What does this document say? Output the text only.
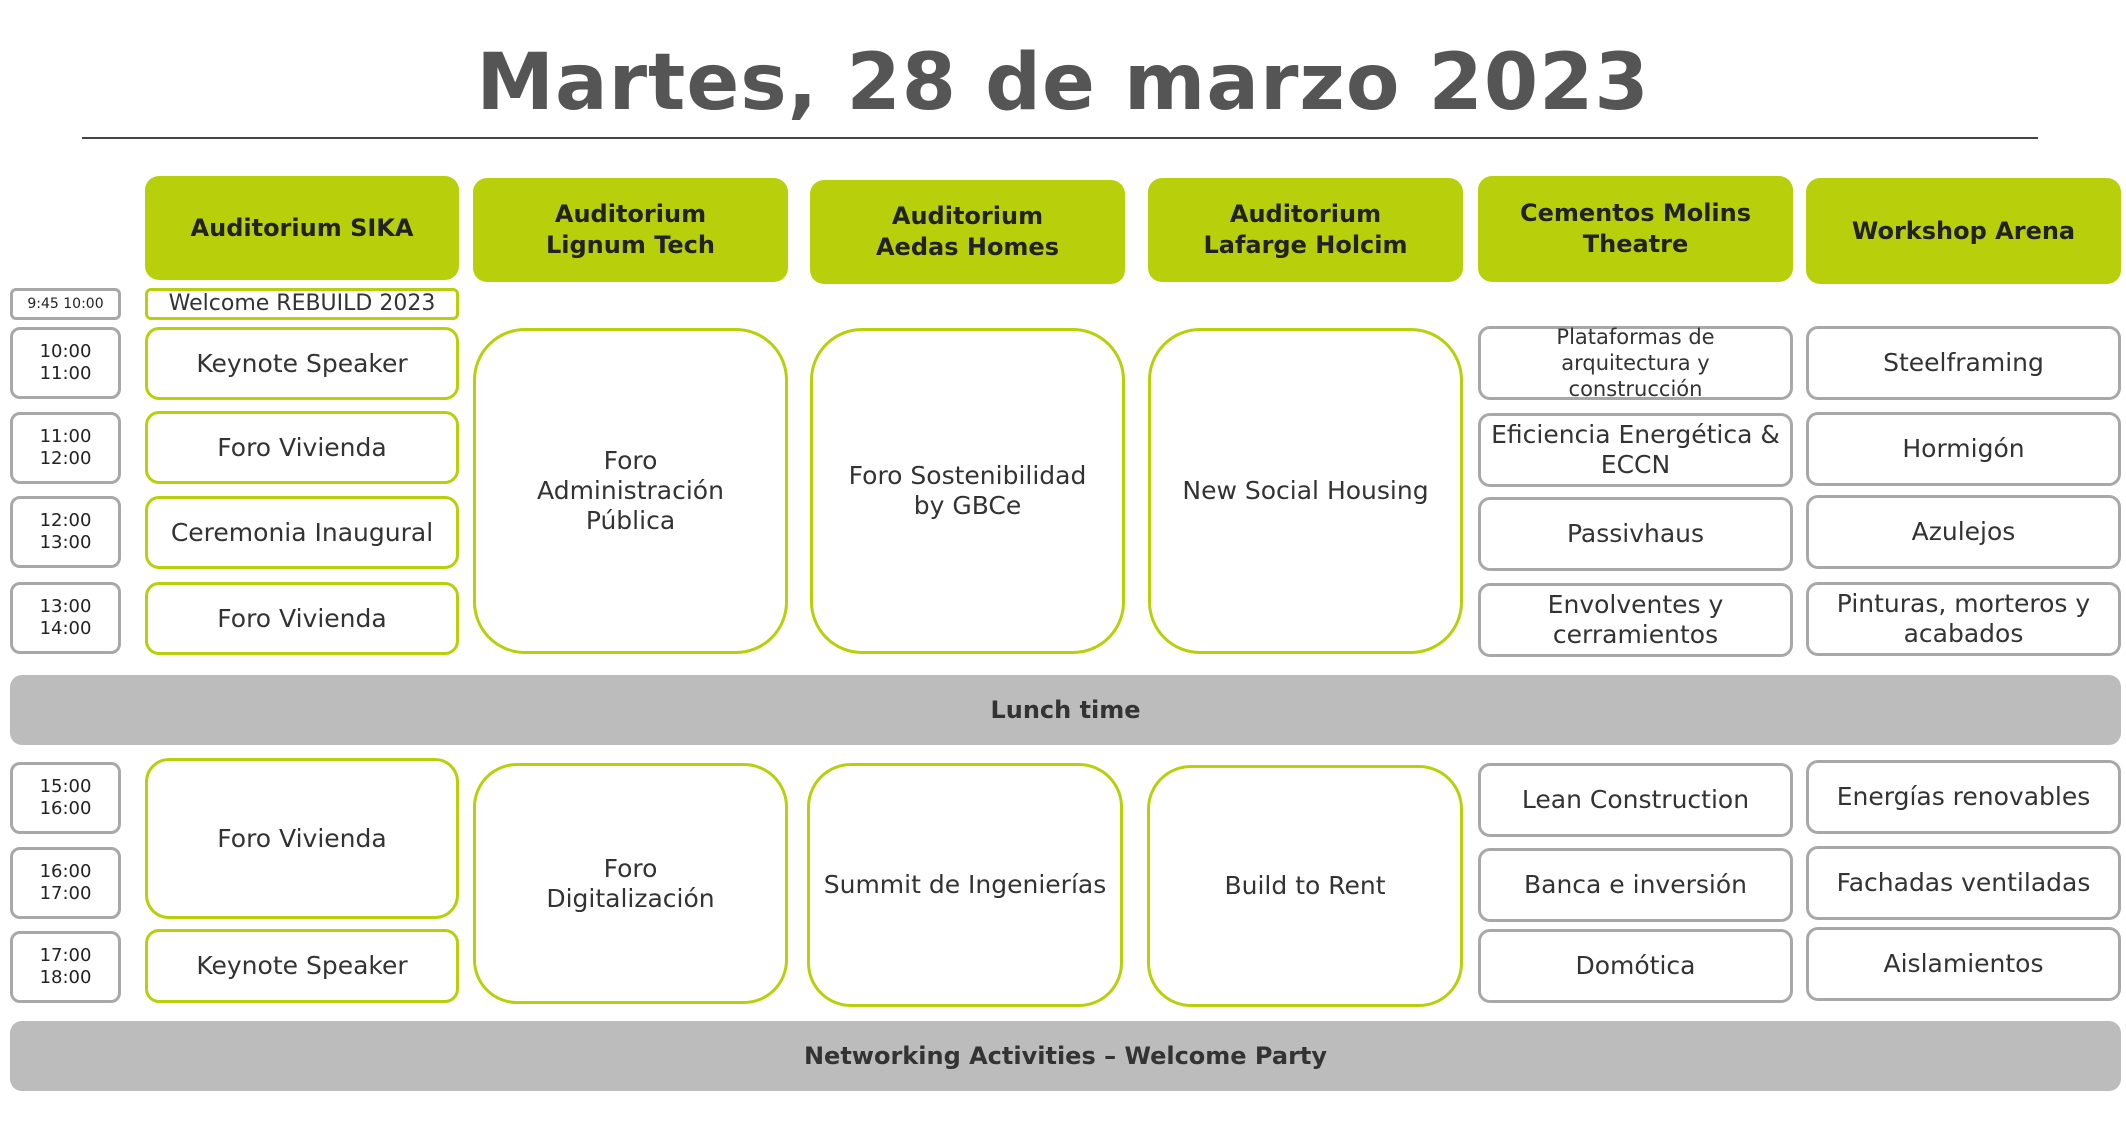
Martes, 28 de marzo 2023
Auditorium SIKA	Auditorium
Lignum Tech
Auditorium
Aedas Homes
Auditorium
Lafarge Holcim
Cementos Molins
Theatre	Workshop Arena
9:45 10:00
10:00
11:00
11:00
12:00
12:00
13:00
13:00
14:00
15:00
16:00
16:00
17:00
17:00
18:00
Welcome REBUILD 2023
Keynote Speaker
Foro Vivienda
Ceremonia Inaugural
Foro Vivienda
Foro Vivienda
Keynote Speaker
Foro
Administración
Pública
Foro
Digitalización
Foro Sostenibilidad
by GBCe
Summit de Ingenierías
New Social Housing
Build to Rent
Plataformas de
arquitectura y
construcción
Eficiencia Energética &
ECCN
Passivhaus
Envolventes y
cerramientos
Lean Construction
Banca e inversión
Domótica
Steelframing
Hormigón
Azulejos
Pinturas, morteros y
acabados
Energías renovables
Fachadas ventiladas
Aislamientos
Lunch time
Networking Activities – Welcome Party
